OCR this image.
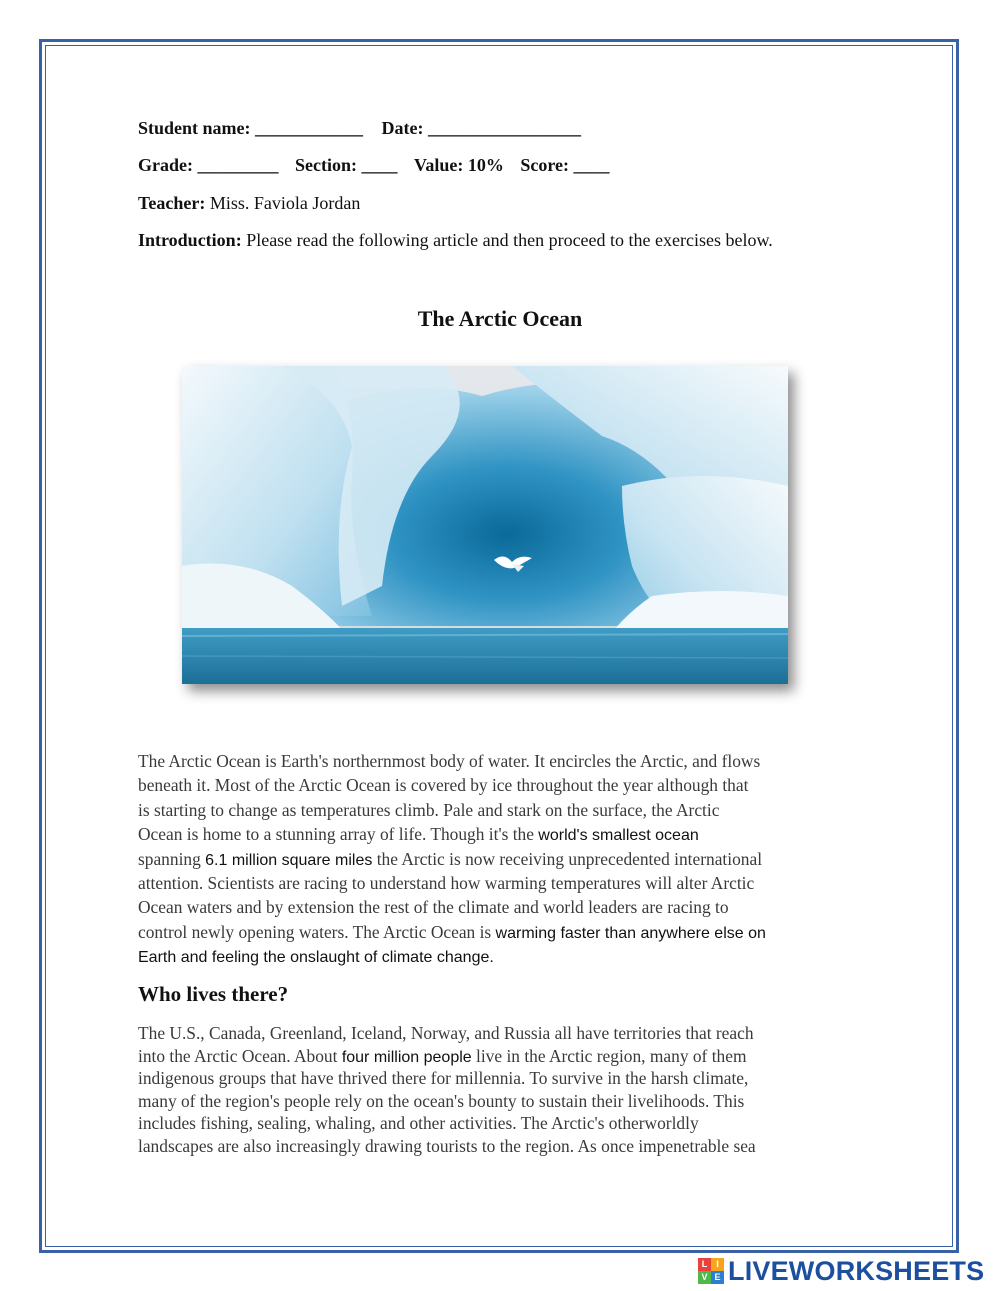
Student name: ____________ Date: _________________
Grade: _________ Section: ____ Value: 10% Score: ____
Teacher: Miss. Faviola Jordan
Introduction: Please read the following article and then proceed to the exercises below.
The Arctic Ocean
The Arctic Ocean is Earth's northernmost body of water. It encircles the Arctic, and flows
beneath it. Most of the Arctic Ocean is covered by ice throughout the year although that
is starting to change as temperatures climb. Pale and stark on the surface, the Arctic
Ocean is home to a stunning array of life. Though it's the world's smallest ocean
spanning 6.1 million square miles the Arctic is now receiving unprecedented international
attention. Scientists are racing to understand how warming temperatures will alter Arctic
Ocean waters and by extension the rest of the climate and world leaders are racing to
control newly opening waters. The Arctic Ocean is warming faster than anywhere else on
Earth and feeling the onslaught of climate change.
Who lives there?
The U.S., Canada, Greenland, Iceland, Norway, and Russia all have territories that reach
into the Arctic Ocean. About four million people live in the Arctic region, many of them
indigenous groups that have thrived there for millennia. To survive in the harsh climate,
many of the region's people rely on the ocean's bounty to sustain their livelihoods. This
includes fishing, sealing, whaling, and other activities. The Arctic's otherworldly
landscapes are also increasingly drawing tourists to the region. As once impenetrable sea
L I
V E LIVEWORKSHEETS
